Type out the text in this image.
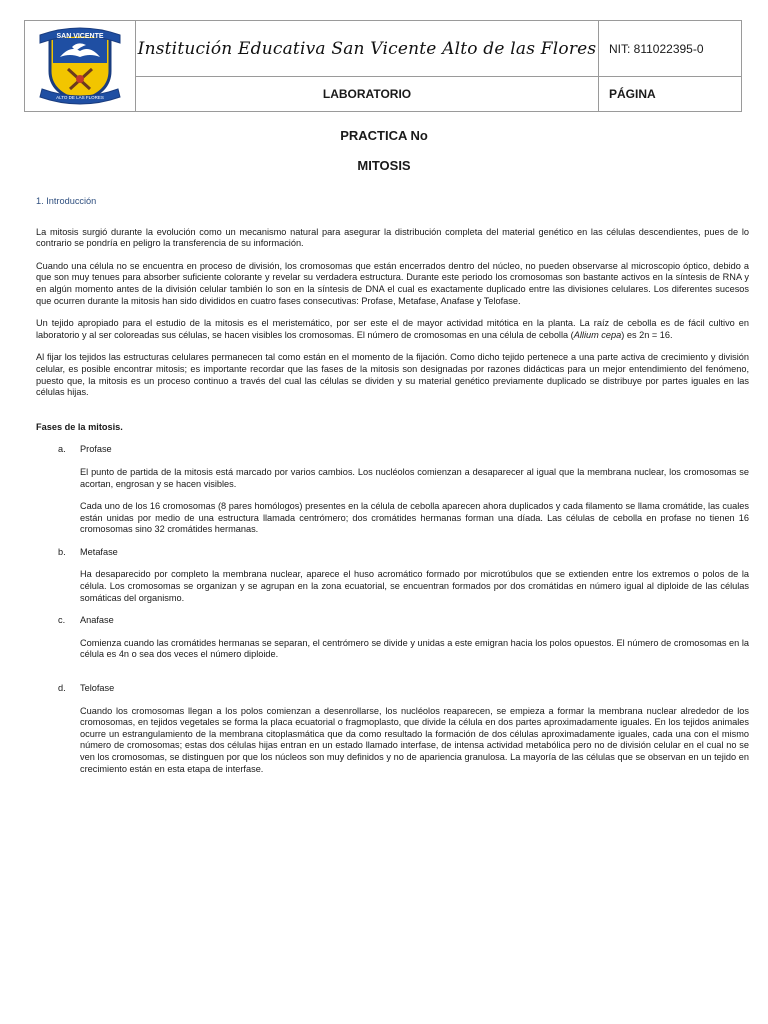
SAN VICENTE
ALTO DE LAS FLORES	Institución Educativa San Vicente Alto de las Flores	NIT: 811022395-0
	LABORATORIO	PÁGINA
PRACTICA No
MITOSIS
1. Introducción

La mitosis surgió durante la evolución como un mecanismo natural para asegurar la distribución completa del material genético en las células descendientes, pues de lo contrario se pondría en peligro la transferencia de su información.

Cuando una célula no se encuentra en proceso de división, los cromosomas que están encerrados dentro del núcleo, no pueden observarse al microscopio óptico, debido a que son muy tenues para absorber suficiente colorante y revelar su verdadera estructura. Durante este periodo los cromosomas son bastante activos en la síntesis de RNA y en algún momento antes de la división celular también lo son en la síntesis de DNA el cual es exactamente duplicado entre las divisiones celulares. Los diferentes sucesos que ocurren durante la mitosis han sido divididos en cuatro fases consecutivas: Profase, Metafase, Anafase y Telofase.

Un tejido apropiado para el estudio de la mitosis es el meristemático, por ser este el de mayor actividad mitótica en la planta. La raíz de cebolla es de fácil cultivo en laboratorio y al ser coloreadas sus células, se hacen visibles los cromosomas. El número de cromosomas en una célula de cebolla (Allium cepa) es 2n = 16.

Al fijar los tejidos las estructuras celulares permanecen tal como están en el momento de la fijación. Como dicho tejido pertenece a una parte activa de crecimiento y división celular, es posible encontrar mitosis; es importante recordar que las fases de la mitosis son designadas por razones didácticas para un mejor entendimiento del fenómeno, puesto que, la mitosis es un proceso continuo a través del cual las células se dividen y su material genético previamente duplicado se distribuye por partes iguales en las células hijas.

Fases de la mitosis.
a.	Profase

El punto de partida de la mitosis está marcado por varios cambios. Los nucléolos comienzan a desaparecer al igual que la membrana nuclear, los cromosomas se acortan, engrosan y se hacen visibles.

Cada uno de los 16 cromosomas (8 pares homólogos) presentes en la célula de cebolla aparecen ahora duplicados y cada filamento se llama cromátide, las cuales están unidas por medio de una estructura llamada centrómero; dos cromátides hermanas forman una díada. Las células de cebolla en profase no tienen 16 cromosomas sino 32 cromátides hermanas.

b.	Metafase

Ha desaparecido por completo la membrana nuclear, aparece el huso acromático formado por microtúbulos que se extienden entre los extremos o polos de la célula. Los cromosomas se organizan y se agrupan en la zona ecuatorial, se encuentran formados por dos cromátidas en número igual al diploide de las células somáticas del organismo.

c.	Anafase

Comienza cuando las cromátides hermanas se separan, el centrómero se divide y unidas a este emigran hacia los polos opuestos. El número de cromosomas en la célula es 4n o sea dos veces el número diploide.

d.	Telofase

Cuando los cromosomas llegan a los polos comienzan a desenrollarse, los nucléolos reaparecen, se empieza a formar la membrana nuclear alrededor de los cromosomas, en tejidos vegetales se forma la placa ecuatorial o fragmoplasto, que divide la célula en dos partes aproximadamente iguales. En los tejidos animales ocurre un estrangulamiento de la membrana citoplasmática que da como resultado la formación de dos células aproximadamente iguales, cada una con el mismo número de cromosomas; estas dos células hijas entran en un estado llamado interfase, de intensa actividad metabólica pero no de división celular en el cual no se ven los cromosomas, se distinguen por que los núcleos son muy definidos y no de apariencia granulosa. La mayoría de las células que se observan en un tejido en crecimiento están en esta etapa de interfase.
